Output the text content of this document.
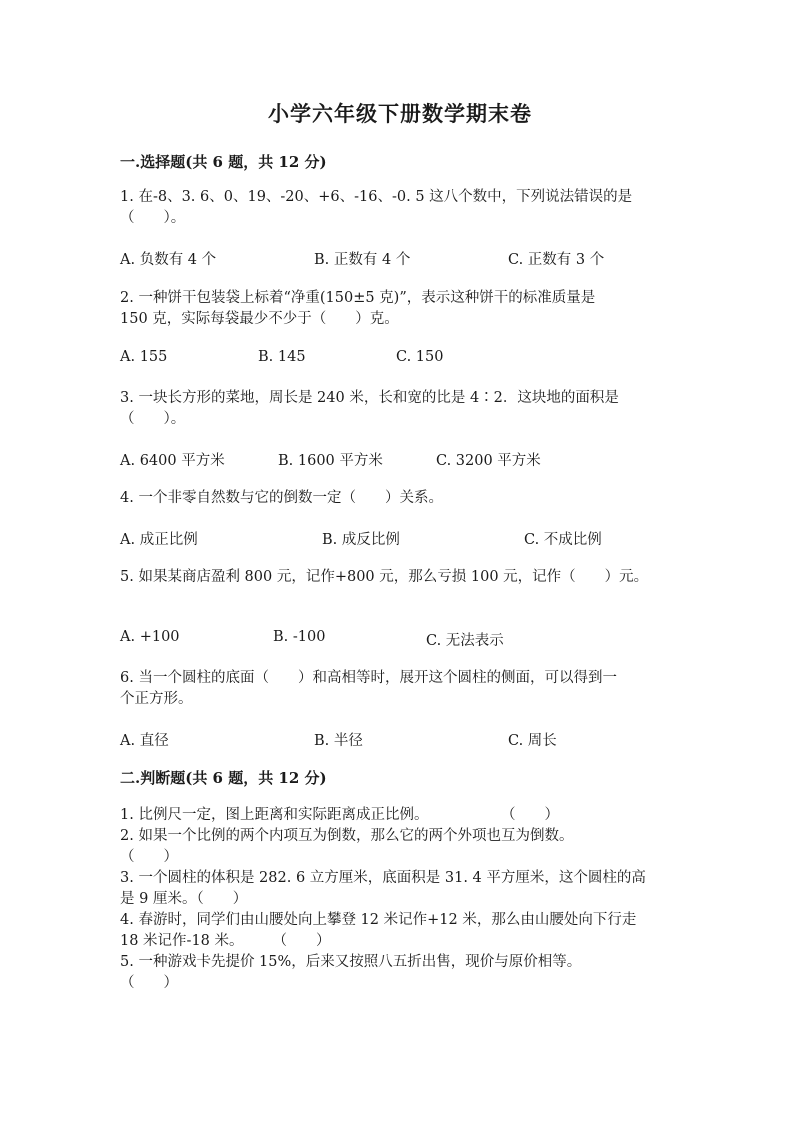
小学六年级下册数学期末卷
一.选择题(共 6 题，共 12 分)
1. 在-8、3. 6、0、19、-20、+6、-16、-0. 5 这八个数中，下列说法错误的是
（　　）。
A. 负数有 4 个	B. 正数有 4 个	C. 正数有 3 个
2. 一种饼干包装袋上标着“净重(150±5 克)”，表示这种饼干的标准质量是
150 克，实际每袋最少不少于（　　）克。
A. 155	B. 145	C. 150
3. 一块长方形的菜地，周长是 240 米，长和宽的比是 4∶2．这块地的面积是
（　　）。
A. 6400 平方米	B. 1600 平方米	C. 3200 平方米
4. 一个非零自然数与它的倒数一定（　　）关系。
A. 成正比例	B. 成反比例	C. 不成比例
5. 如果某商店盈利 800 元，记作+800 元，那么亏损 100 元，记作（　　）元。
A. +100	B. -100	C. 无法表示
6. 当一个圆柱的底面（　　）和高相等时，展开这个圆柱的侧面，可以得到一
个正方形。
A. 直径	B. 半径	C. 周长
二.判断题(共 6 题，共 12 分)
1. 比例尺一定，图上距离和实际距离成正比例。　　　　　　（　　）
2. 如果一个比例的两个内项互为倒数，那么它的两个外项也互为倒数。
（　　）
3. 一个圆柱的体积是 282. 6 立方厘米，底面积是 31. 4 平方厘米，这个圆柱的高
是 9 厘米。（　　）
4. 春游时，同学们由山腰处向上攀登 12 米记作+12 米，那么由山腰处向下行走
18 米记作-18 米。　　　（　　）
5. 一种游戏卡先提价 15%，后来又按照八五折出售，现价与原价相等。
（　　）
